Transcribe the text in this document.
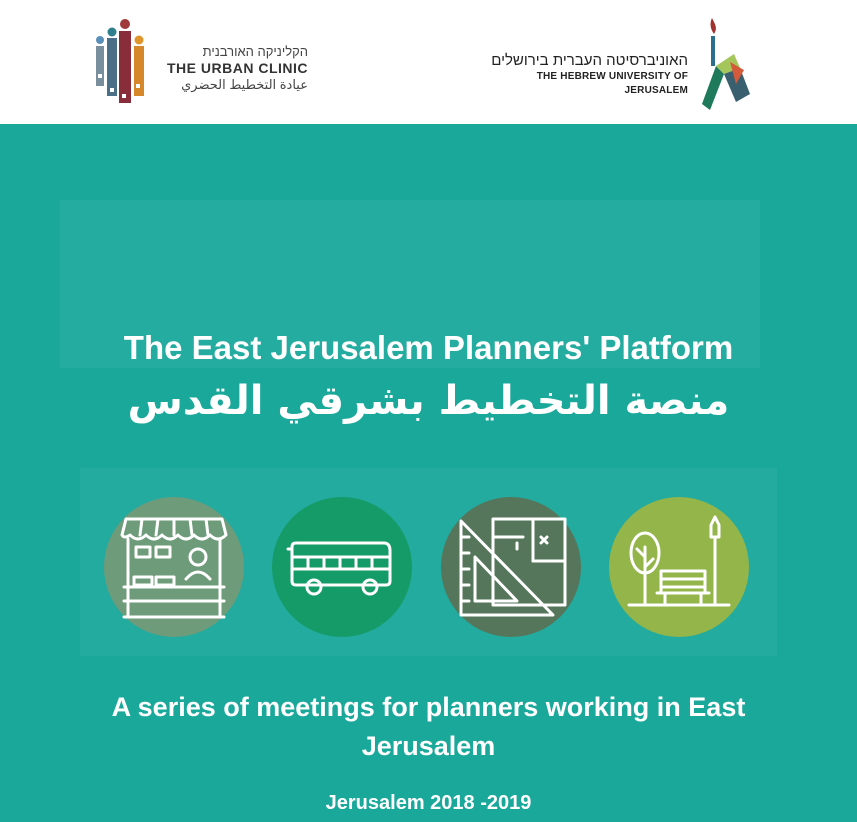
הקליניקה האורבנית
THE URBAN CLINIC
عيادة التخطيط الحضري
האוניברסיטה העברית בירושלים
THE HEBREW UNIVERSITY OF JERUSALEM
The East Jerusalem Planners' Platform
منصة التخطيط بشرقي القدس
A series of meetings for planners working in East Jerusalem
Jerusalem 2018 -2019
